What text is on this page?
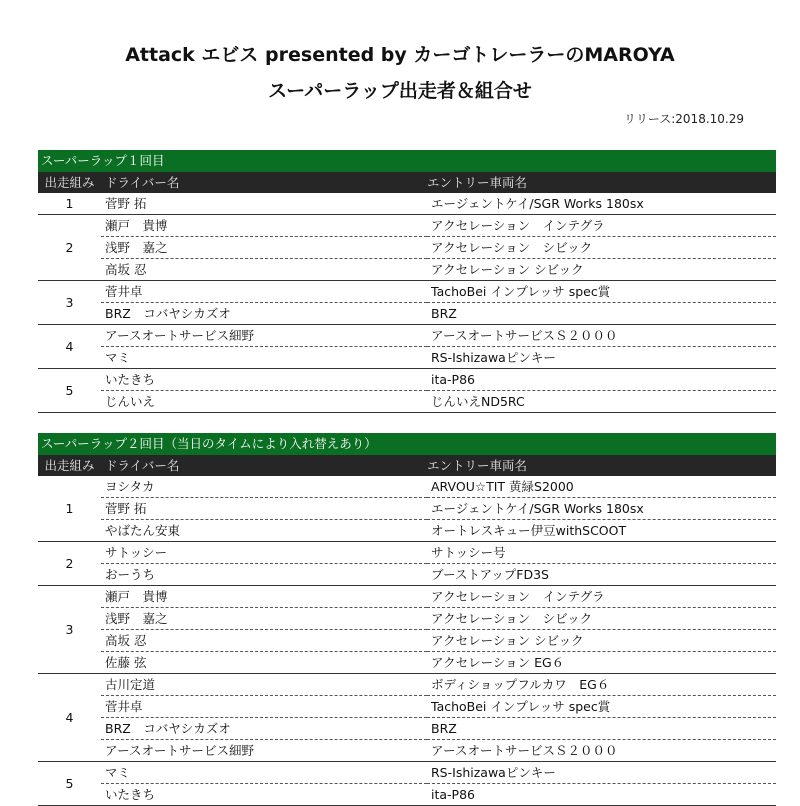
Attack エビス presented by カーゴトレーラーのMAROYA
スーパーラップ出走者＆組合せ
リリース:2018.10.29
スーパーラップ１回目
出走組み ドライバー名	エントリー車両名
1	菅野 拓	エージェントケイ/SGR Works 180sx
2	瀬戸　貴博	アクセレーション　インテグラ
	浅野　嘉之	アクセレーション　シビック
	高坂 忍	アクセレーション シビック
3	菅井卓	TachoBei インプレッサ spec賞
	BRZ　コバヤシカズオ	BRZ
4	アースオートサービス細野	アースオートサービスＳ２０００
	マミ	RS-Ishizawaピンキー
5	いたきち	ita-P86
	じんいえ	じんいえND5RC
スーパーラップ２回目（当日のタイムにより入れ替えあり）
出走組み ドライバー名	エントリー車両名
1	ヨシタカ	ARVOU☆TIT 黄緑S2000
	菅野 拓	エージェントケイ/SGR Works 180sx
	やばたん安東	オートレスキュー伊豆withSCOOT
2	サトッシー	サトッシー号
	おーうち	ブーストアップFD3S
3	瀬戸　貴博	アクセレーション　インテグラ
	浅野　嘉之	アクセレーション　シビック
	高坂 忍	アクセレーション シビック
	佐藤 弦	アクセレーション EG６
4	古川定道	ボディショップフルカワ　EG６
	菅井卓	TachoBei インプレッサ spec賞
	BRZ　コバヤシカズオ	BRZ
	アースオートサービス細野	アースオートサービスＳ２０００
5	マミ	RS-Ishizawaピンキー
	いたきち	ita-P86
